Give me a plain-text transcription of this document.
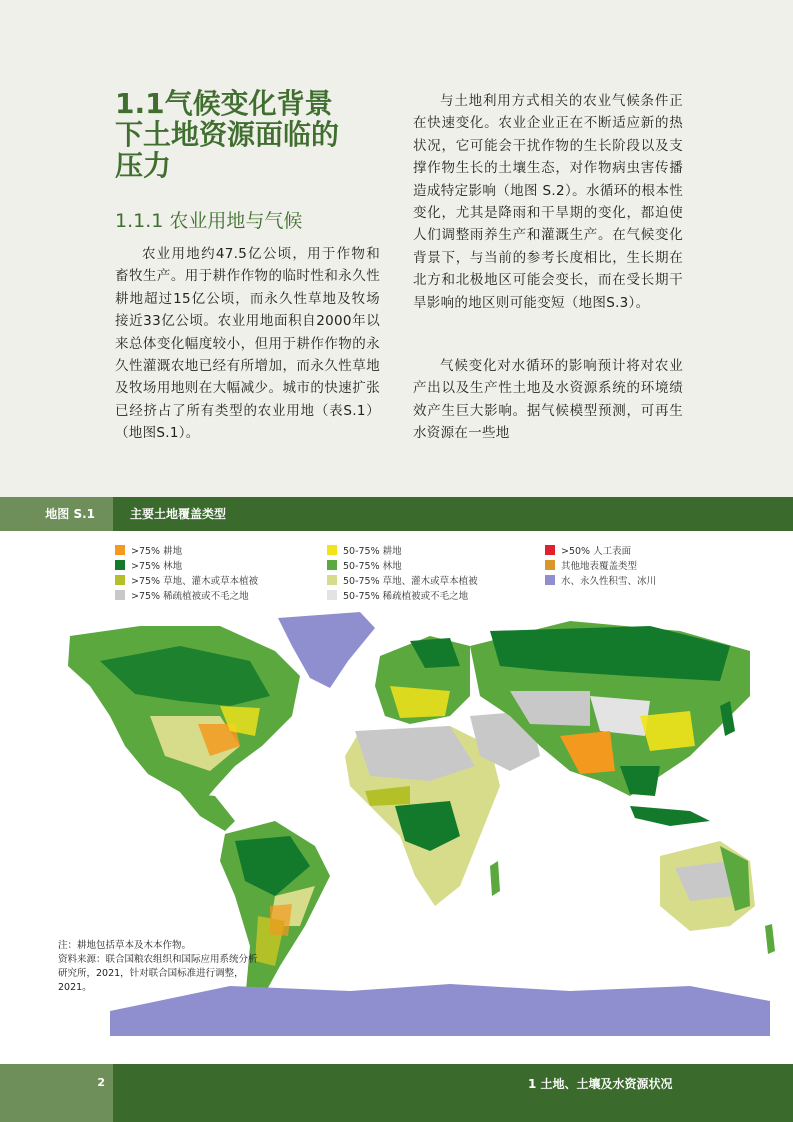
1.1气候变化背景下土地资源面临的压力
1.1.1 农业用地与气候

农业用地约47.5亿公顷，用于作物和畜牧生产。用于耕作作物的临时性和永久性耕地超过15亿公顷，而永久性草地及牧场接近33亿公顷。农业用地面积自2000年以来总体变化幅度较小，但用于耕作作物的永久性灌溉农地已经有所增加，而永久性草地及牧场用地则在大幅减少。城市的快速扩张已经挤占了所有类型的农业用地（表S.1）（地图S.1）。

与土地利用方式相关的农业气候条件正在快速变化。农业企业正在不断适应新的热状况，它可能会干扰作物的生长阶段以及支撑作物生长的土壤生态，对作物病虫害传播造成特定影响（地图 S.2）。水循环的根本性变化，尤其是降雨和干旱期的变化，都迫使人们调整雨养生产和灌溉生产。在气候变化背景下，与当前的参考长度相比，生长期在北方和北极地区可能会变长，而在受长期干旱影响的地区则可能变短（地图S.3）。

气候变化对水循环的影响预计将对农业产出以及生产性土地及水资源系统的环境绩效产生巨大影响。据气候模型预测，可再生水资源在一些地

地图 S.1	主要土地覆盖类型
>75% 耕地
>75% 林地
>75% 草地、灌木或草本植被
>75% 稀疏植被或不毛之地
50-75% 耕地
50-75% 林地
50-75% 草地、灌木或草本植被
50-75% 稀疏植被或不毛之地
>50% 人工表面
其他地表覆盖类型
水、永久性积雪、冰川

注：耕地包括草本及木本作物。
资料来源：联合国粮农组织和国际应用系统分析研究所，2021，针对联合国标准进行调整，2021。

2	1 土地、土壤及水资源状况
